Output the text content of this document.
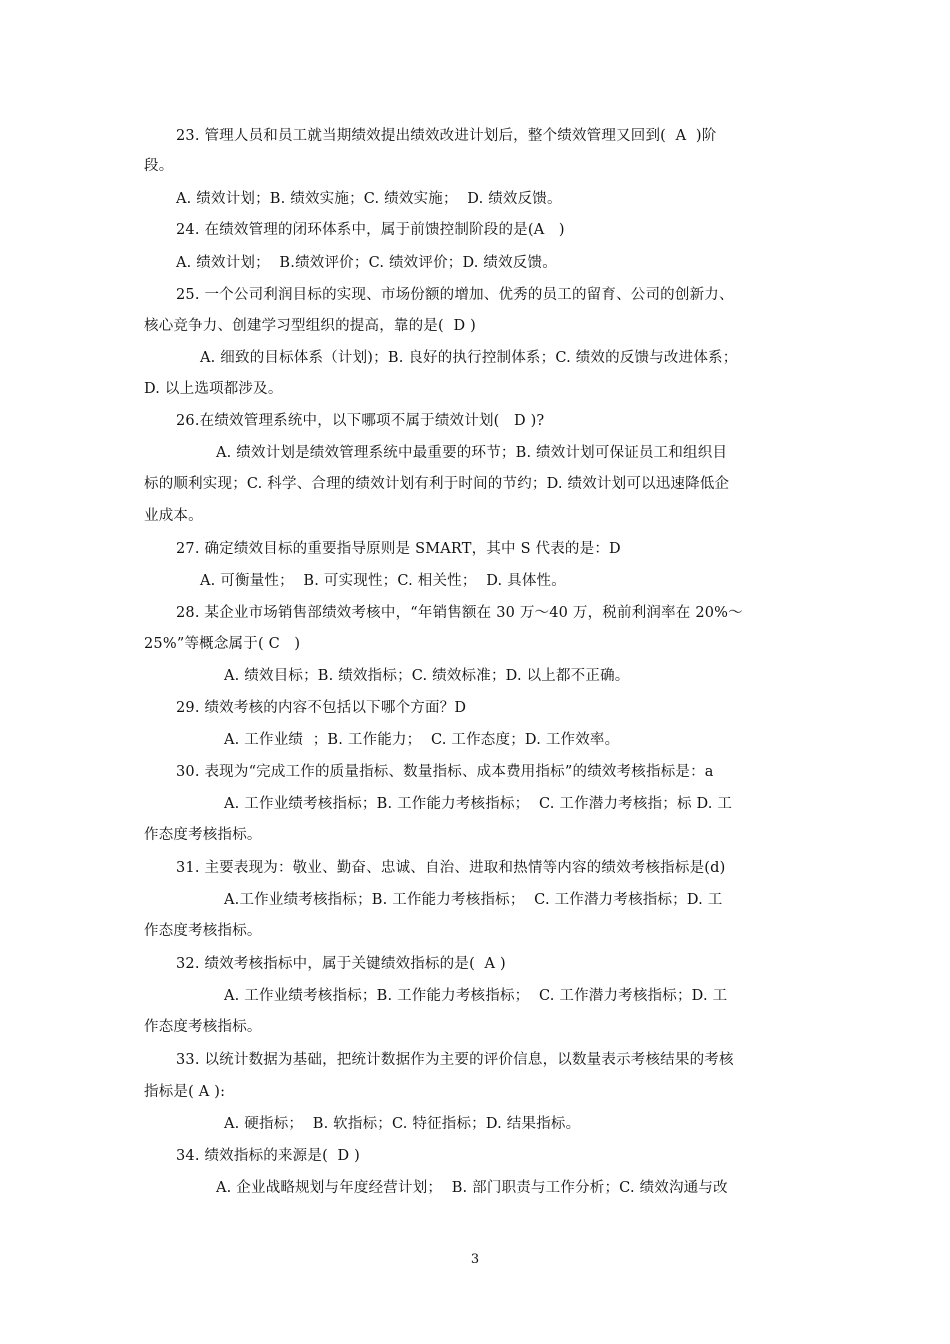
23. 管理人员和员工就当期绩效提出绩效改进计划后，整个绩效管理又回到(  A  )阶
段。
A. 绩效计划；B. 绩效实施；C. 绩效实施；  D. 绩效反馈。
24. 在绩效管理的闭环体系中，属于前馈控制阶段的是(A   )
A. 绩效计划；  B.绩效评价；C. 绩效评价；D. 绩效反馈。
25. 一个公司利润目标的实现、市场份额的增加、优秀的员工的留育、公司的创新力、
核心竞争力、创建学习型组织的提高，靠的是(  D )
A. 细致的目标体系（计划)；B. 良好的执行控制体系；C. 绩效的反馈与改进体系；
D. 以上选项都涉及。
26.在绩效管理系统中，以下哪项不属于绩效计划(   D )?
A. 绩效计划是绩效管理系统中最重要的环节；B. 绩效计划可保证员工和组织目
标的顺利实现；C. 科学、合理的绩效计划有利于时间的节约；D. 绩效计划可以迅速降低企
业成本。
27. 确定绩效目标的重要指导原则是 SMART，其中 S 代表的是：D
A. 可衡量性；  B. 可实现性；C. 相关性；  D. 具体性。
28. 某企业市场销售部绩效考核中，“年销售额在 30 万～40 万，税前利润率在 20%～
25%”等概念属于( C   )
A. 绩效目标；B. 绩效指标；C. 绩效标准；D. 以上都不正确。
29. 绩效考核的内容不包括以下哪个方面？D
A. 工作业绩  ；B. 工作能力；  C. 工作态度；D. 工作效率。
30. 表现为“完成工作的质量指标、数量指标、成本费用指标”的绩效考核指标是：a
A. 工作业绩考核指标；B. 工作能力考核指标；  C. 工作潜力考核指；标 D. 工
作态度考核指标。
31. 主要表现为：敬业、勤奋、忠诚、自治、进取和热情等内容的绩效考核指标是(d)
A.工作业绩考核指标；B. 工作能力考核指标；  C. 工作潜力考核指标；D. 工
作态度考核指标。
32. 绩效考核指标中，属于关键绩效指标的是(  A )
A. 工作业绩考核指标；B. 工作能力考核指标；  C. 工作潜力考核指标；D. 工
作态度考核指标。
33. 以统计数据为基础，把统计数据作为主要的评价信息，以数量表示考核结果的考核
指标是( A ):
A. 硬指标；  B. 软指标；C. 特征指标；D. 结果指标。
34. 绩效指标的来源是(  D )
A. 企业战略规划与年度经营计划；  B. 部门职责与工作分析；C. 绩效沟通与改
3
